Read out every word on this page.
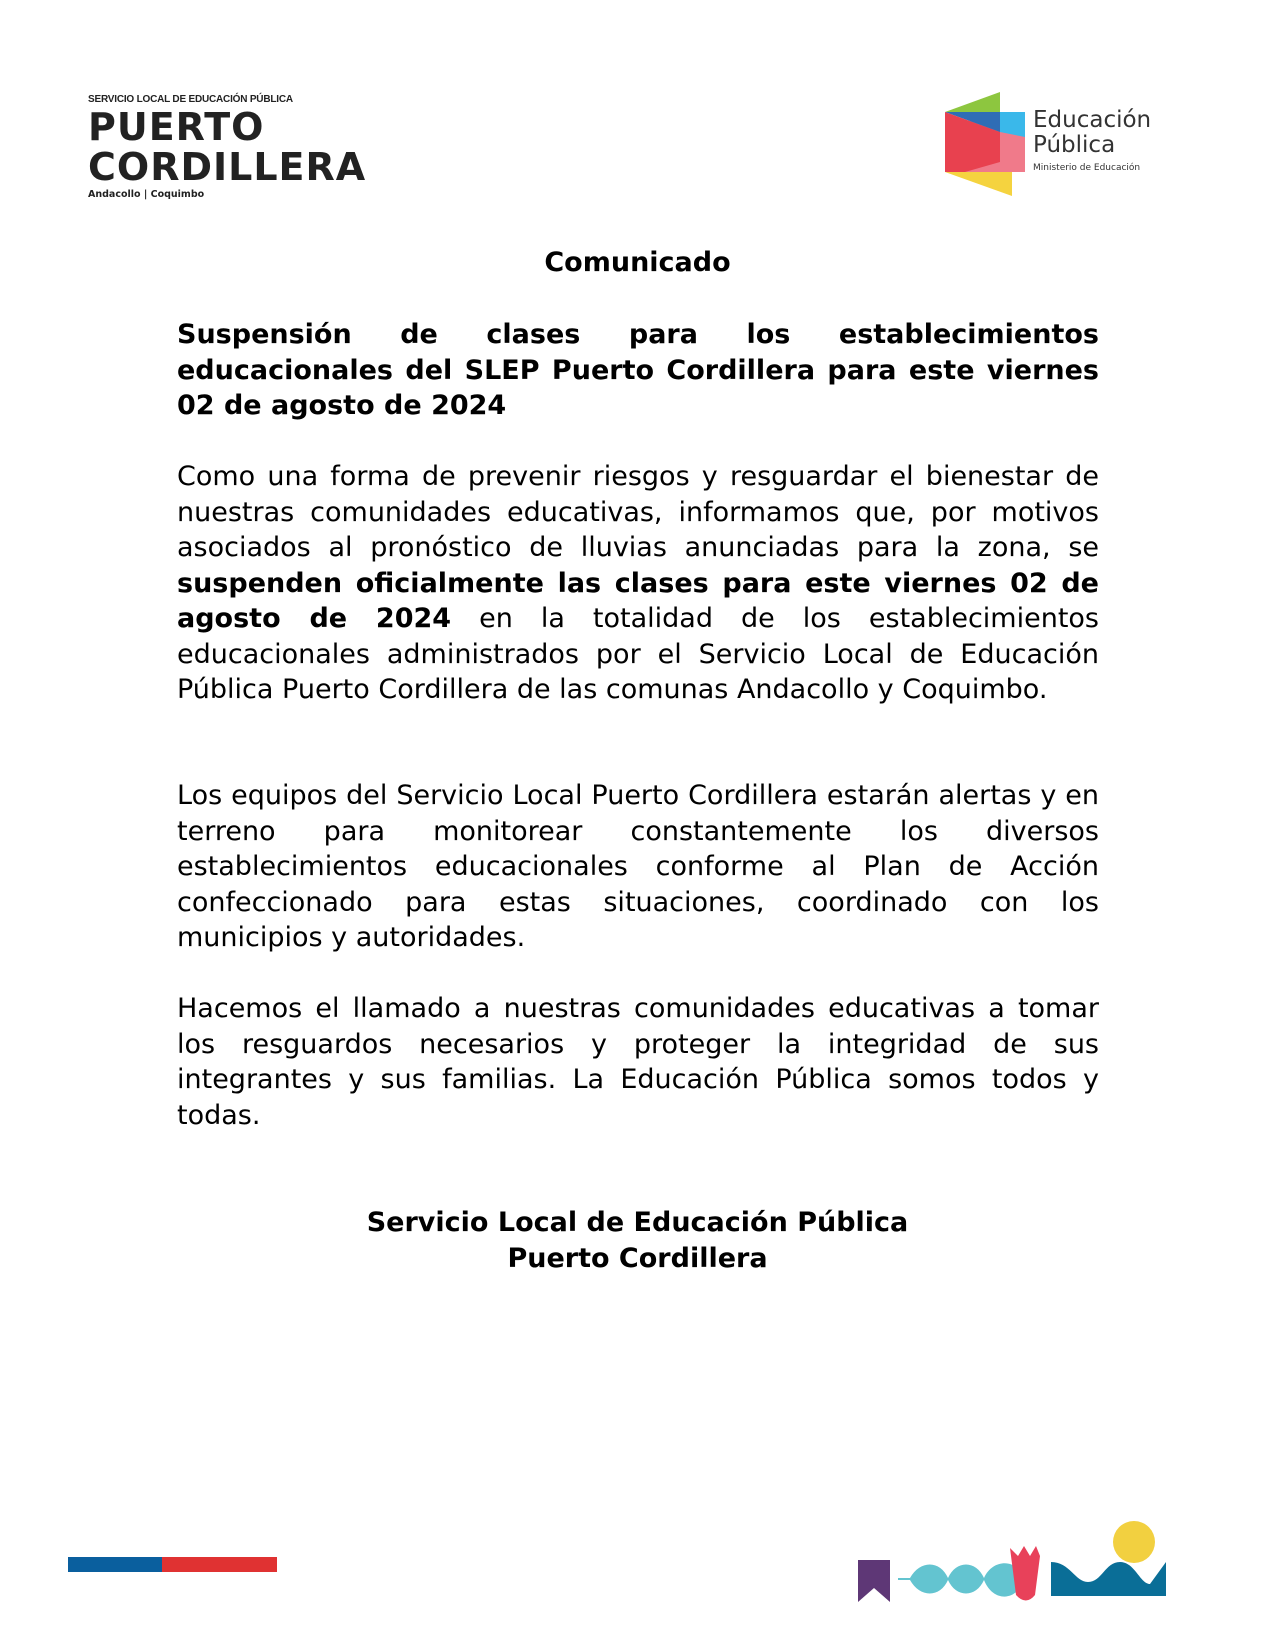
SERVICIO LOCAL DE EDUCACIÓN PÚBLICA
PUERTO
CORDILLERA
Andacollo | Coquimbo
Educación
Pública
Ministerio de Educación
Comunicado
Suspensión de clases para los establecimientos educacionales del SLEP Puerto Cordillera para este viernes 02 de agosto de 2024
Como una forma de prevenir riesgos y resguardar el bienestar de nuestras comunidades educativas, informamos que, por motivos asociados al pronóstico de lluvias anunciadas para la zona, se suspenden oficialmente las clases para este viernes 02 de agosto de 2024 en la totalidad de los establecimientos educacionales administrados por el Servicio Local de Educación Pública Puerto Cordillera de las comunas Andacollo y Coquimbo.
Los equipos del Servicio Local Puerto Cordillera estarán alertas y en terreno para monitorear constantemente los diversos establecimientos educacionales conforme al Plan de Acción confeccionado para estas situaciones, coordinado con los municipios y autoridades.
Hacemos el llamado a nuestras comunidades educativas a tomar los resguardos necesarios y proteger la integridad de sus integrantes y sus familias. La Educación Pública somos todos y todas.
Servicio Local de Educación Pública
Puerto Cordillera
